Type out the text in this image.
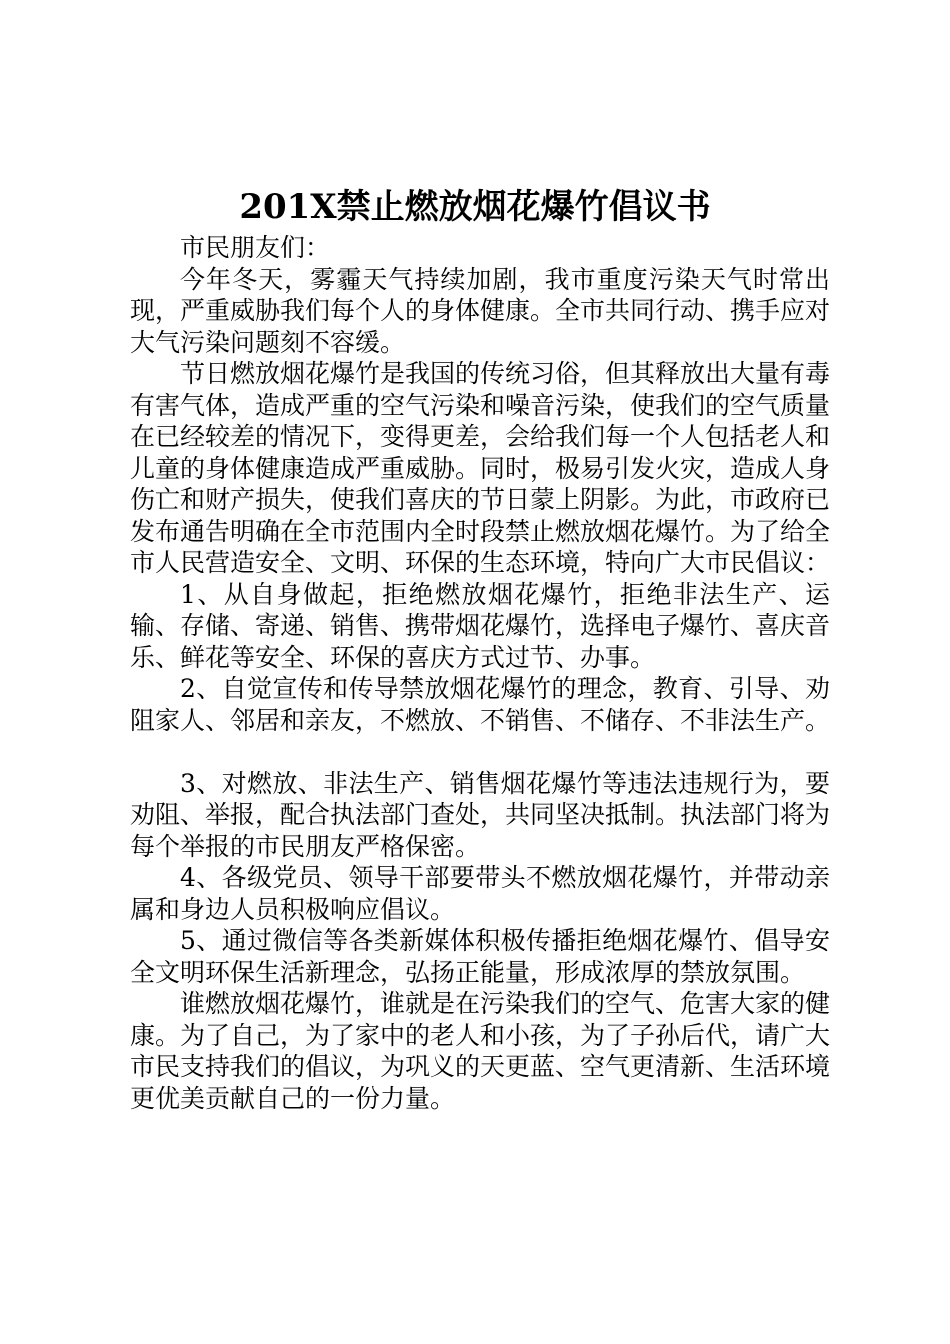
201X禁止燃放烟花爆竹倡议书

市民朋友们：

今年冬天，雾霾天气持续加剧，我市重度污染天气时常出现，严重威胁我们每个人的身体健康。全市共同行动、携手应对大气污染问题刻不容缓。

节日燃放烟花爆竹是我国的传统习俗，但其释放出大量有毒有害气体，造成严重的空气污染和噪音污染，使我们的空气质量在已经较差的情况下，变得更差，会给我们每一个人包括老人和儿童的身体健康造成严重威胁。同时，极易引发火灾，造成人身伤亡和财产损失，使我们喜庆的节日蒙上阴影。为此，市政府已发布通告明确在全市范围内全时段禁止燃放烟花爆竹。为了给全市人民营造安全、文明、环保的生态环境，特向广大市民倡议：

1、从自身做起，拒绝燃放烟花爆竹，拒绝非法生产、运输、存储、寄递、销售、携带烟花爆竹，选择电子爆竹、喜庆音乐、鲜花等安全、环保的喜庆方式过节、办事。

2、自觉宣传和传导禁放烟花爆竹的理念，教育、引导、劝阻家人、邻居和亲友，不燃放、不销售、不储存、不非法生产。

3、对燃放、非法生产、销售烟花爆竹等违法违规行为，要劝阻、举报，配合执法部门查处，共同坚决抵制。执法部门将为每个举报的市民朋友严格保密。

4、各级党员、领导干部要带头不燃放烟花爆竹，并带动亲属和身边人员积极响应倡议。

5、通过微信等各类新媒体积极传播拒绝烟花爆竹、倡导安全文明环保生活新理念，弘扬正能量，形成浓厚的禁放氛围。

谁燃放烟花爆竹，谁就是在污染我们的空气、危害大家的健康。为了自己，为了家中的老人和小孩，为了子孙后代，请广大市民支持我们的倡议，为巩义的天更蓝、空气更清新、生活环境更优美贡献自己的一份力量。
